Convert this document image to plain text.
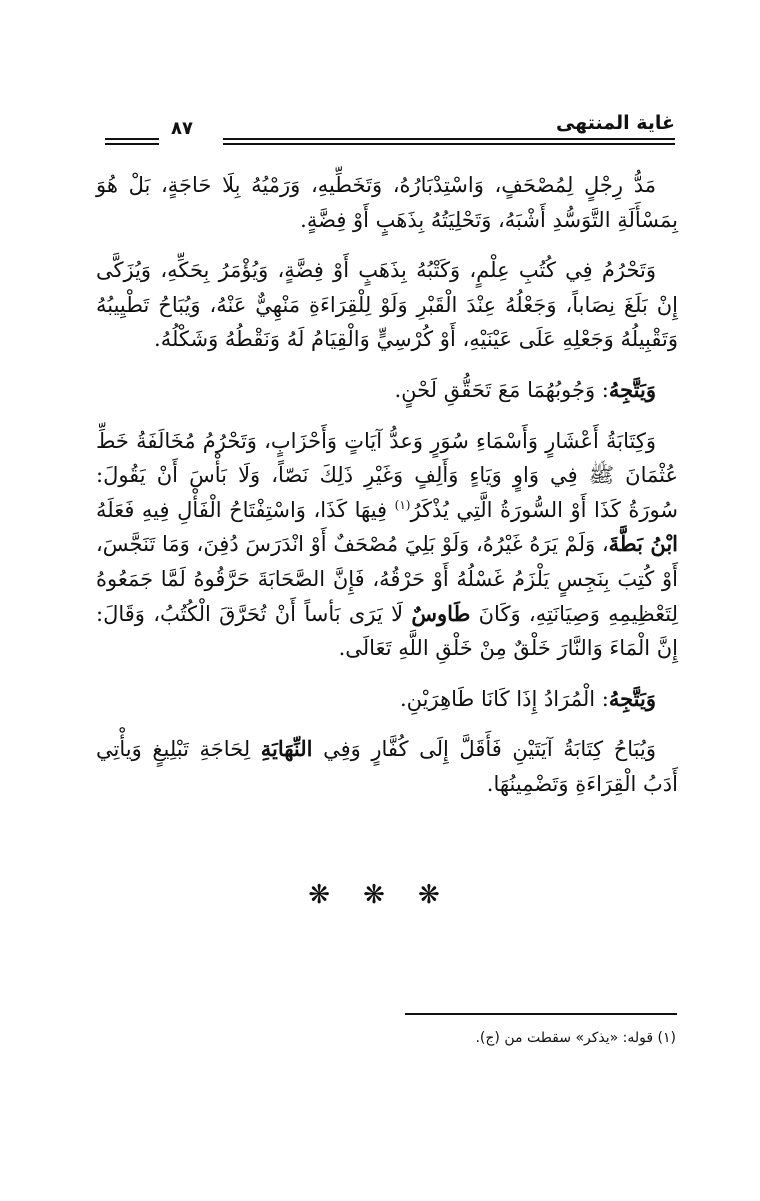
غاية المنتهى
٨٧

مَدُّ رِجْلٍ لِمُصْحَفٍ، وَاسْتِدْبَارُهُ، وَتَخَطِّيهِ، وَرَمْيُهُ بِلَا حَاجَةٍ، بَلْ هُوَ بِمَسْأَلَةِ التَّوَسُّدِ أَشْبَهُ، وَتَحْلِيَتُهُ بِذَهَبٍ أَوْ فِضَّةٍ.

وَتَحْرُمُ فِي كُتُبِ عِلْمٍ، وَكَتْبُهُ بِذَهَبٍ أَوْ فِضَّةٍ، وَيُؤْمَرُ بِحَكِّهِ، وَيُزَكَّى إِنْ بَلَغَ نِصَاباً، وَجَعْلُهُ عِنْدَ الْقَبْرِ وَلَوْ لِلْقِرَاءَةِ مَنْهِيٌّ عَنْهُ، وَيُبَاحُ تَطْيِيبُهُ وَتَقْبِيلُهُ وَجَعْلِهِ عَلَى عَيْنَيْهِ، أَوْ كُرْسِيٍّ وَالْقِيَامُ لَهُ وَنَقْطُهُ وَشَكْلُهُ.

وَيَتَّجِهُ: وَجُوبُهُمَا مَعَ تَحَقُّقِ لَحْنٍ.

وَكِتَابَةُ أَعْشَارٍ وَأَسْمَاءِ سُوَرٍ وَعدُّ آيَاتٍ وَأَحْزَابٍ، وَتَحْرُمُ مُخَالَفَةُ خَطِّ عُثْمَانَ ﷺ فِي وَاوٍ وَيَاءٍ وَأَلِفٍ وَغَيْرِ ذَلِكَ نَصّاً، وَلَا بَأْسَ أَنْ يَقُولَ: سُورَةُ كَذَا أَوْ السُّورَةُ الَّتِي يُذْكَرُ$^{(١)}$ فِيهَا كَذَا، وَاسْتِفْتَاحُ الْفَأْلِ فِيهِ فَعَلَهُ ابْنُ بَطَّةَ، وَلَمْ يَرَهُ غَيْرُهُ، وَلَوْ بَلِيَ مُصْحَفٌ أَوْ انْدَرَسَ دُفِنَ، وَمَا تَنَجَّسَ، أَوْ كُتِبَ بِنَجِسٍ يَلْزَمُ غَسْلُهُ أَوْ حَرْقُهُ، فَإِنَّ الصَّحَابَةَ حَرَّقُوهُ لَمَّا جَمَعُوهُ لِتَعْظِيمِهِ وَصِيَانَتِهِ، وَكَانَ طَاوسٌ لَا يَرَى بَأساً أَنْ تُحَرَّقَ الْكُتُبُ، وَقَالَ: إِنَّ الْمَاءَ وَالنَّارَ خَلْقٌ مِنْ خَلْقِ اللَّهِ تَعَالَى.

وَيَتَّجِهُ: الْمُرَادُ إِذَا كَانَا طَاهِرَيْنِ.

وَيُبَاحُ كِتَابَةُ آيَتَيْنِ فَأَقَلَّ إِلَى كُفَّارٍ وَفِي النِّهَايَةِ لِحَاجَةِ تَبْلِيغٍ وَيأْتِي أَدَبُ الْقِرَاءَةِ وَتَضْمِينُهَا.

❋ ❋ ❋
(١) قوله: «يذكر» سقطت من (ج).
